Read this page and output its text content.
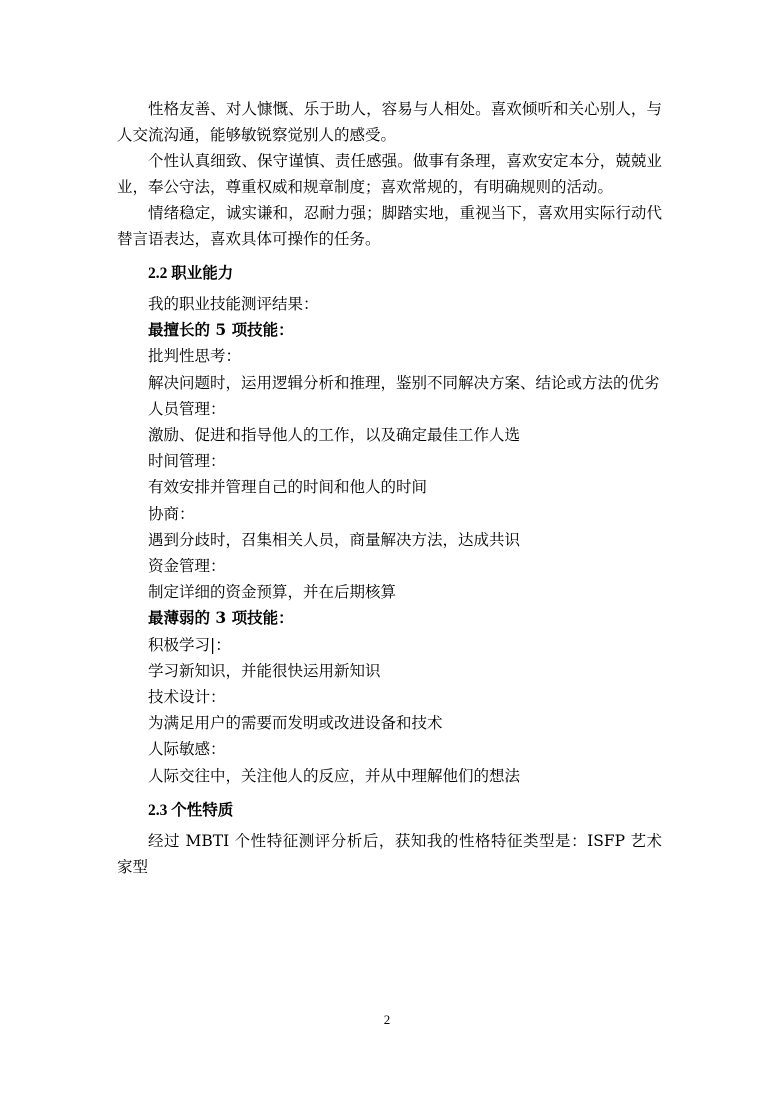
性格友善、对人慷慨、乐于助人，容易与人相处。喜欢倾听和关心别人，与人交流沟通，能够敏锐察觉别人的感受。

个性认真细致、保守谨慎、责任感强。做事有条理，喜欢安定本分，兢兢业业，奉公守法，尊重权威和规章制度；喜欢常规的，有明确规则的活动。

情绪稳定，诚实谦和，忍耐力强；脚踏实地，重视当下，喜欢用实际行动代替言语表达，喜欢具体可操作的任务。

2.2 职业能力

我的职业技能测评结果：

最擅长的 5 项技能：

批判性思考：

解决问题时，运用逻辑分析和推理，鉴别不同解决方案、结论或方法的优劣

人员管理：

激励、促进和指导他人的工作，以及确定最佳工作人选

时间管理：

有效安排并管理自己的时间和他人的时间

协商：

遇到分歧时，召集相关人员，商量解决方法，达成共识

资金管理：

制定详细的资金预算，并在后期核算

最薄弱的 3 项技能：

积极学习|：

学习新知识，并能很快运用新知识

技术设计：

为满足用户的需要而发明或改进设备和技术

人际敏感：

人际交往中，关注他人的反应，并从中理解他们的想法

2.3 个性特质

经过 MBTI 个性特征测评分析后，获知我的性格特征类型是：ISFP 艺术家型

2
